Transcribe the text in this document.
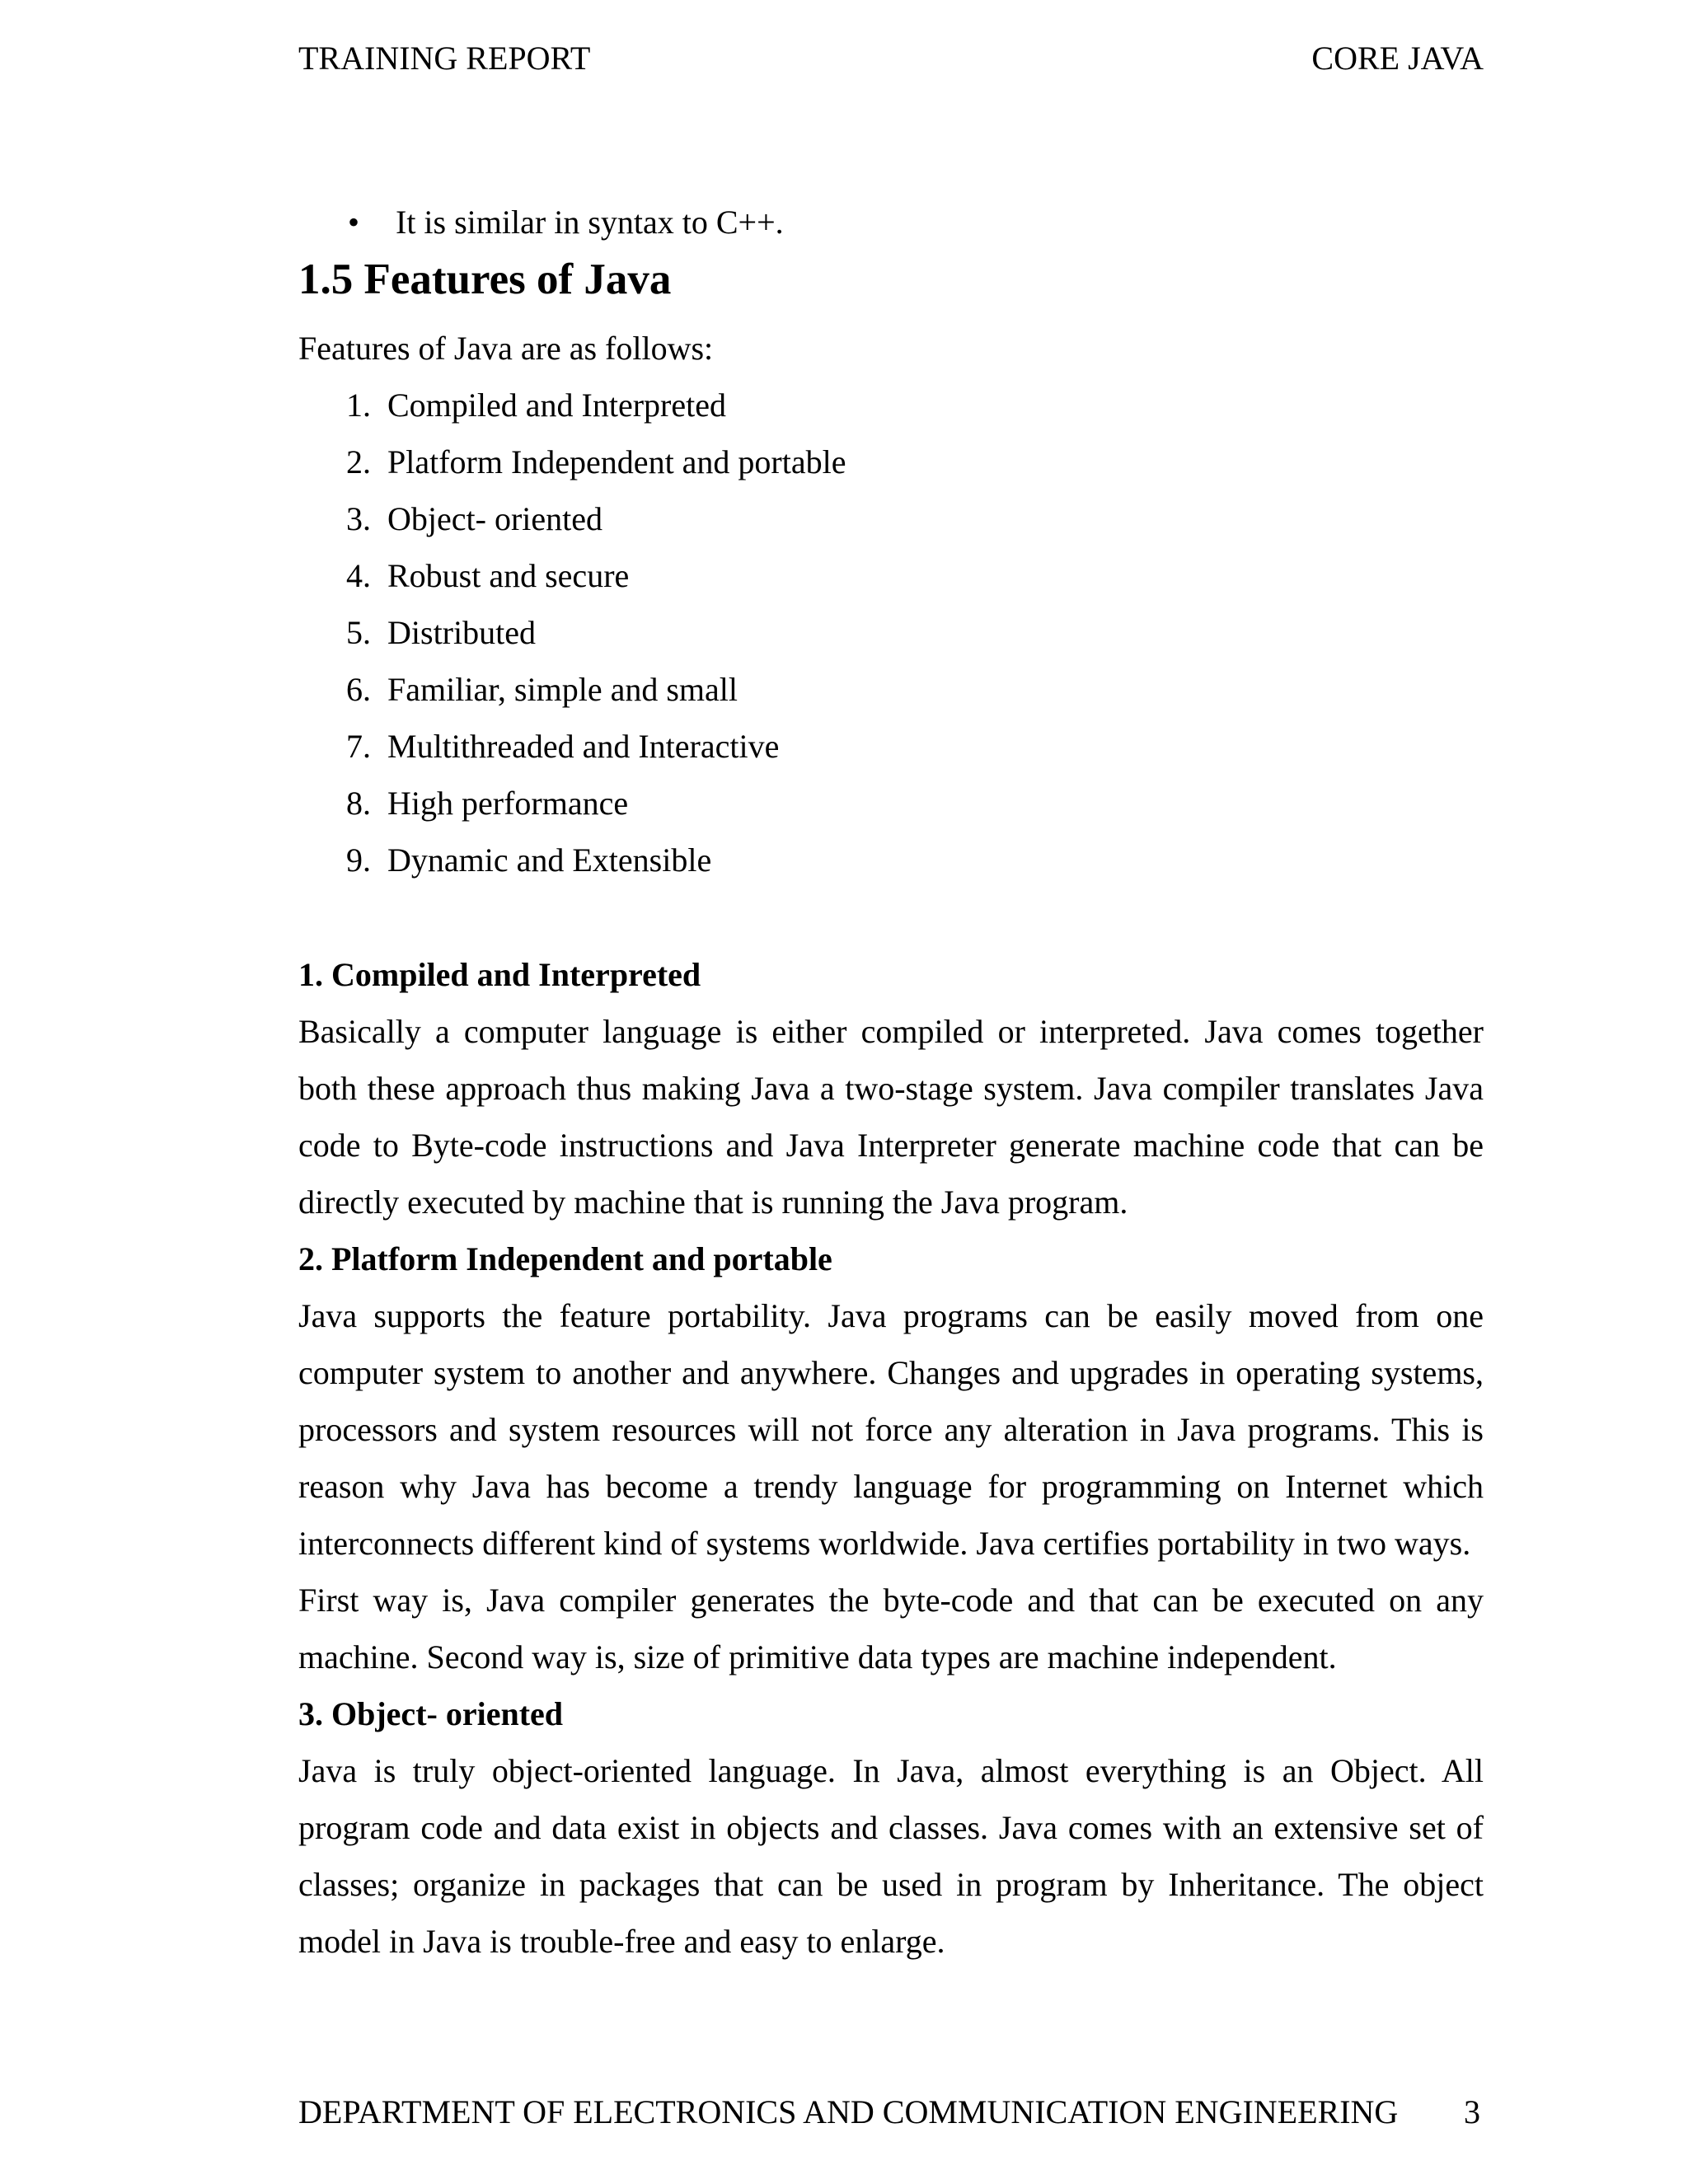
TRAINING REPORT	CORE JAVA
•	It is similar in syntax to C++.
1.5 Features of Java
Features of Java are as follows:
1. Compiled and Interpreted
2. Platform Independent and portable
3. Object- oriented
4. Robust and secure
5. Distributed
6. Familiar, simple and small
7. Multithreaded and Interactive
8. High performance
9. Dynamic and Extensible
1. Compiled and Interpreted

Basically a computer language is either compiled or interpreted. Java comes together both these approach thus making Java a two-stage system. Java compiler translates Java code to Byte-code instructions and Java Interpreter generate machine code that can be directly executed by machine that is running the Java program.

2. Platform Independent and portable

Java supports the feature portability. Java programs can be easily moved from one computer system to another and anywhere. Changes and upgrades in operating systems, processors and system resources will not force any alteration in Java programs. This is reason why Java has become a trendy language for programming on Internet which interconnects different kind of systems worldwide. Java certifies portability in two ways.

First way is, Java compiler generates the byte-code and that can be executed on any machine. Second way is, size of primitive data types are machine independent.

3. Object- oriented

Java is truly object-oriented language. In Java, almost everything is an Object. All program code and data exist in objects and classes. Java comes with an extensive set of classes; organize in packages that can be used in program by Inheritance. The object model in Java is trouble-free and easy to enlarge.

DEPARTMENT OF ELECTRONICS AND COMMUNICATION ENGINEERING 3
